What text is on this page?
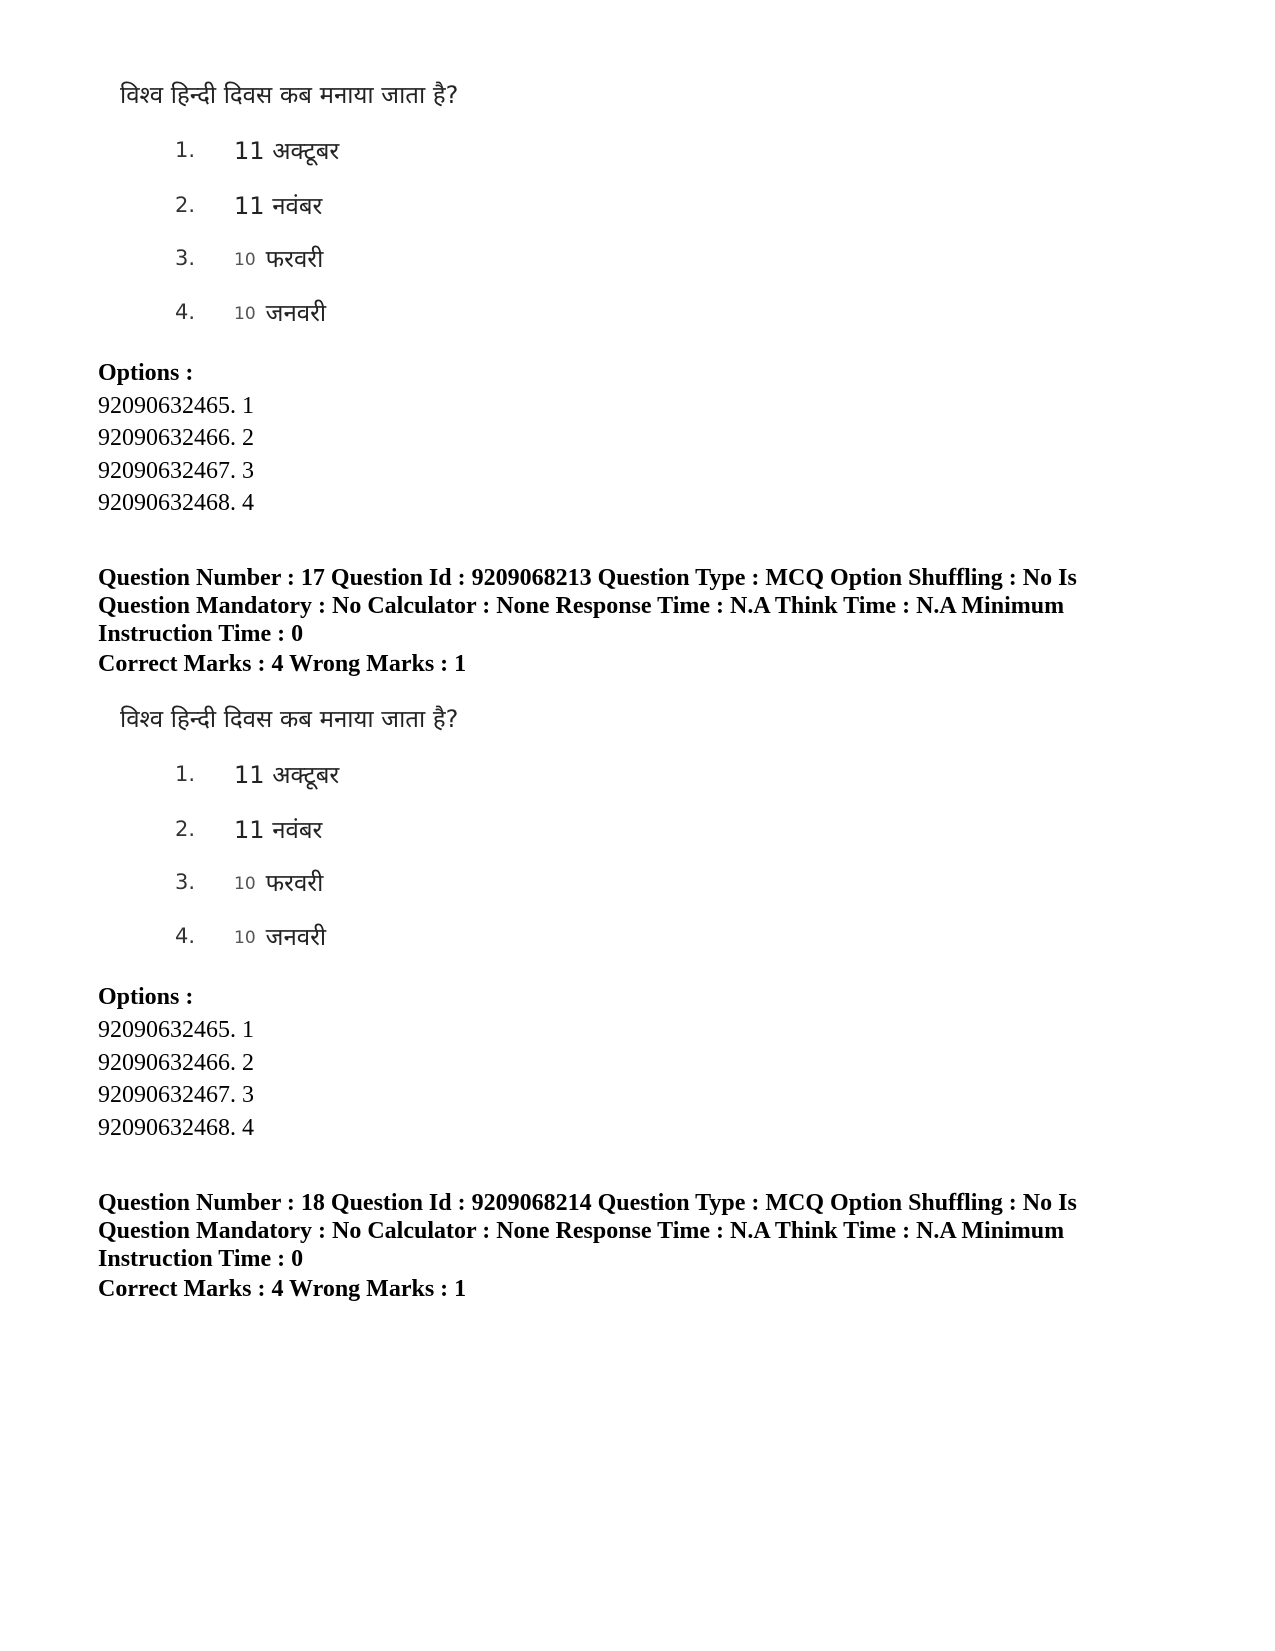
विश्व हिन्दी दिवस कब मनाया जाता है?
1. 11 अक्टूबर
2. 11 नवंबर
3. 10 फरवरी
4. 10 जनवरी
Options :
92090632465. 1
92090632466. 2
92090632467. 3
92090632468. 4
Question Number : 17 Question Id : 9209068213 Question Type : MCQ Option Shuffling : No Is
Question Mandatory : No Calculator : None Response Time : N.A Think Time : N.A Minimum
Instruction Time : 0
Correct Marks : 4 Wrong Marks : 1
विश्व हिन्दी दिवस कब मनाया जाता है?
1. 11 अक्टूबर
2. 11 नवंबर
3. 10 फरवरी
4. 10 जनवरी
Options :
92090632465. 1
92090632466. 2
92090632467. 3
92090632468. 4
Question Number : 18 Question Id : 9209068214 Question Type : MCQ Option Shuffling : No Is
Question Mandatory : No Calculator : None Response Time : N.A Think Time : N.A Minimum
Instruction Time : 0
Correct Marks : 4 Wrong Marks : 1
